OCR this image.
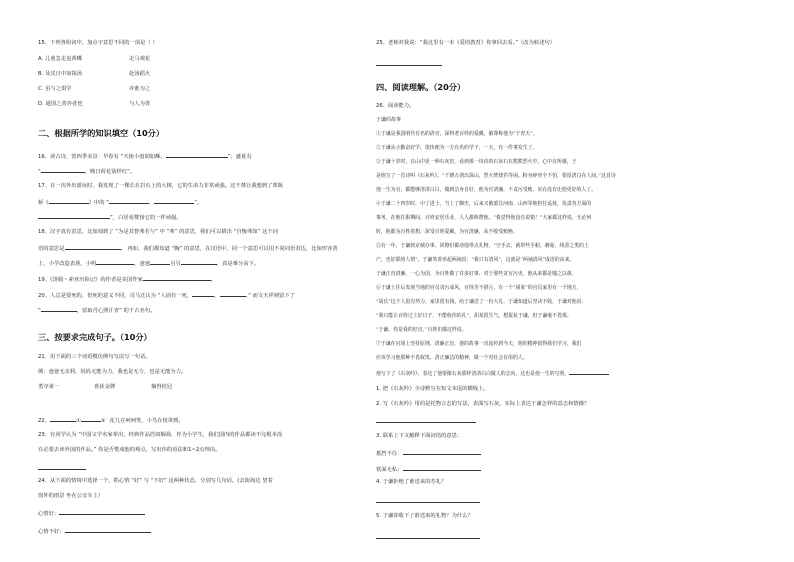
15、下列各组词中，加点字意思不同的一项是（ ）
A. 儿童急走追黄蝶	走马观花
B. 及其日中如探汤	赴汤蹈火
C. 虽与之俱学	弈谁为之
D. 通国之善弈者也	与人为善
二、根据所学的知识填空（10分）
16、读古诗，赏四季美景：早春有 “天街小雨润如酥，	”；盛夏有
“	，映日荷花别样红”。
17、在一次外出游玩时，我发现了一棵长在岩石上的大树，它的生命力非常顽强。这不禁让我想到了郑板
桥《	》中的 “	，	”。
”，白居易赞扬它的一样顽强。
18、汉字真有意思，比如闻到了 “为是其智弗若与” 中 “弗” 的意思，我们可以猜出 “自愧弗如” 这个词
语的意思是	。 再如，我们都知道 “胸” 的意思，在汉语中，同一个意思可以用不同词语表达，比如形容善
上，小学改造表现，小明	，爸爸	另另	，真是难分高下。
19、《汤姆・索亚历险记》的作者是美国作家	。
20、人总是要死的，但死的意义不同，司马迁认为 “人固有一死，	，	。” 而文天祥则留下了
“	，留取丹心照汗青” 的千古名句。
三、按要求完成句子。（10分）
21、用下面的三个词语模仿例句写法写一句话。
例：爸爸无亲利，妈妈无能为力，我也是无力，也是无能为力。
勇夺第一	喜获金牌	摘得桂冠
22、	①	② 花儿在呵呵笑，小鸟在枝讲到。
23、有同学认为 “中国文学名家辈出，经典作品浩如烟海，作为小学生，我们国内的作品都读不完根本没
有必要去读外国的作品。” 你是否赞成他的观点，写出你的看法和1~2点理由。
24、从下面的情境中选择一个，抓心情 “好” 与 “不好” 这两种状态，分别写几句话。(去街海边 望着
窗外的雨景 坐在公交车上）
心情好：
心情不好：
25、老师对我说：“我这里有一本《爱的教育》你拿回去看。”（改为转述句）
四、阅读理解。（20分）
26、阅读能力。
于谦的故事
①于谦是我国明代有名的清官，深得老百姓的爱戴，被尊称他为“于青天”。
②于谦从小勤奋好学，很快便为一方有名的学子，一天，有一件事发生了。
③于谦十岁时，在山中见一种石灰窑，看到那一块块的石灰石在熊熊烈火中，心中有所感，于
是他写了一首诗叫《石灰吟》。“千锤万凿出深山，烈火焚烧若等闲。粉身碎骨全不怕，要留清白在人间。”这首诗
他一生为官，都能够清清白白，做到洁身自好，他为官清廉，不贪污受贿，实在没有比他更好的人了。
④于谦二十四岁时，中了进士，当上了御史，后来又被派往河南、山西等地担任巡抚，负责各方面的
事务，在他任职期间，百姓安居乐业，人人都称赞他。“我觉得他没有说错！”大家都这样说，无论何
时，他都为百姓着想，深受百姓爱戴，为官清廉，从不收受贿赂。
⑤有一年，于谦到京城办事，同僚们都劝他带点礼物，“空手去，就带些手帕、蘑菇、线香之类的土
产，也好联络人情”。于谦笑着举起两袖说：“我只有清风”，这就是“两袖清风”成语的由来。
于谦正直清廉，一心为国，为百姓做了许多好事，对于那些贪官污吏，他从来都是嗤之以鼻。
⑥于谦上任后发现当地的官员贪污成风，百姓苦不堪言，有一个“胡某”的官员家里有一个地方，
“胡氏”这个人很有势力，家里很有钱，给于谦送了一份大礼，于谦知道后坚决不收，于谦对他说：
“我只能让百姓过上好日子，不能收你的礼”，胡某很生气，想报复于谦，但于谦毫不畏惧。
“于谦，你是我的好官。”百姓们都这样说。
⑦于谦在官场上坚持原则，清廉正直，他的故事一直流传到今天，他的精神值得我们学习，我们
应该学习他那种不畏权贵、清正廉洁的精神，做一个对社会有用的人。
他写下了《石灰吟》，表达了他要像石灰那样清清白白做人的志向，这也是他一生的写照。
1. 把《石灰吟》全诗默写在短文末尾的横线上。
2. 写《石灰吟》用的是托物言志的写法，表面写石灰，实际上表达于谦怎样的意志和情操？
3. 联系上下文解释下面词语的意思：
抵挡不住：
铁面无私：
4. 于谦拒绝了谁送来的寿礼？
5. 于谦却收下了谁送来的礼物？为什么？
